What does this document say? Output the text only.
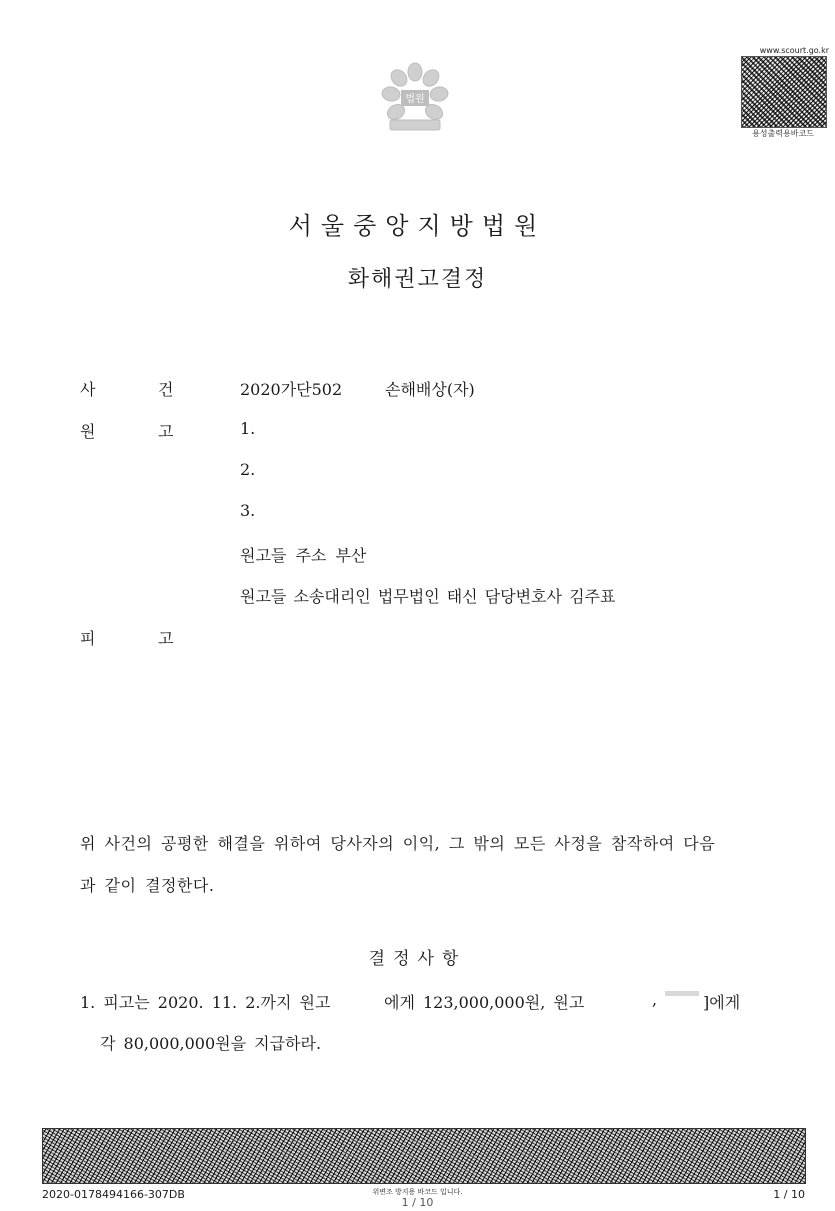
법원
www.scourt.go.kr
용성출력용바코드
서울중앙지방법원
화해권고결정
사	건	2020가단502	손해배상(자)
원	고	1.
2.
3.
원고들 주소 부산
원고들 소송대리인 법무법인 태신 담당변호사 김주표
피	고
위 사건의 공평한 해결을 위하여 당사자의 이익, 그 밖의 모든 사정을 참작하여 다음
과 같이 결정한다.
결정사항
1. 피고는 2020. 11. 2.까지 원고	에게 123,000,000원, 원고	,	]에게
각 80,000,000원을 지급하라.
2020-0178494166-307DB	위변조 방지용 바코드 입니다.
1 / 10
1 / 10
